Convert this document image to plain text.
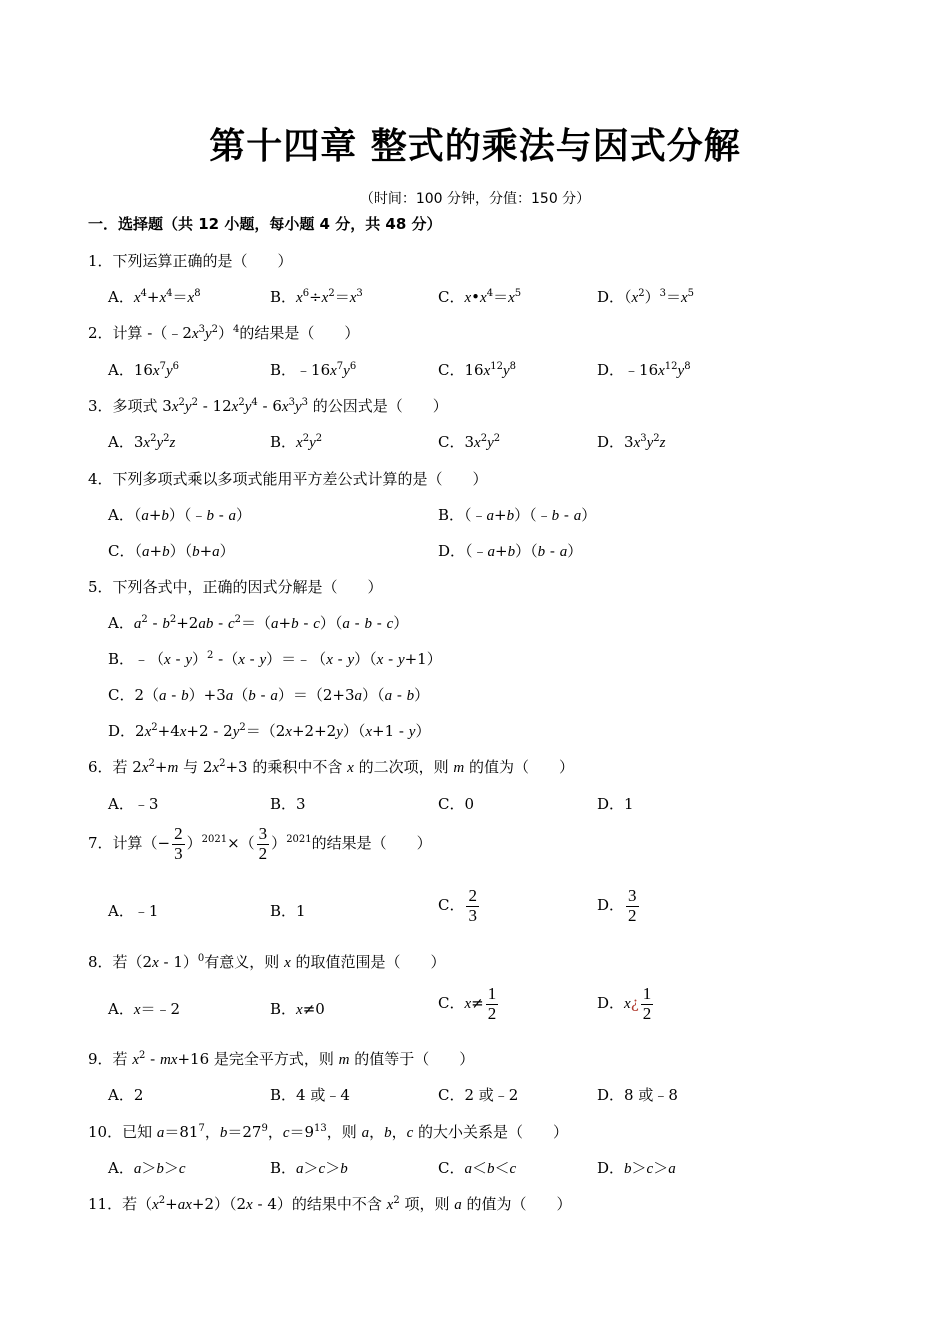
第十四章 整式的乘法与因式分解
（时间：100 分钟，分值：150 分）
一．选择题（共 12 小题，每小题 4 分，共 48 分）
1．下列运算正确的是（　　）
A．$x^4+x^4=x^8$	B．$x^6\div x^2=x^3$	C．$x•x^4=x^5$	D．$(x^2)^3=x^5$
2．计算 $-(﹣2x^3y^2)^4$的结果是（　　）
A．$16x^7y^6$	B．$﹣16x^7y^6$	C．$16x^{12}y^8$	D．$﹣16x^{12}y^8$
3．多项式 $3x^2y^2 - 12x^2y^4 - 6x^3y^3$ 的公因式是（　　）
A．$3x^2y^2z$	B．$x^2y^2$	C．$3x^2y^2$	D．$3x^3y^2z$
4．下列多项式乘以多项式能用平方差公式计算的是（　　）
A．（a+b）（﹣b - a）	B．（﹣a+b）（﹣b - a）
C．（a+b）（b+a）	D．（﹣a+b）（b - a）
5．下列各式中，正确的因式分解是（　　）
A．$a^2 - b^2+2ab - c^2=(a+b - c)(a - b - c)$
B．﹣（x - y）$^2$ -（x - y）＝﹣（x - y）（x - y+1）
C．2（a - b）+3a（b - a）＝（2+3a）（a - b）
D．$2x^2+4x+2 - 2y^2=(2x+2+2y)(x+1 - y)$
6．若 $2x^2+m$ 与 $2x^2+3$ 的乘积中不含 x 的二次项，则 m 的值为（　　）
A．﹣3	B．3	C．0	D．1
7．计算（− $\frac{2}{3} )^{2021}\times( \frac{3}{2} )^{2021}$的结果是（　　）
A．﹣1	B．1	C． $\frac{2}{3}$	D． $\frac{3}{2}$
8．若（2x - 1）$^0$有意义，则 x 的取值范围是（　　）
A．x＝﹣2	B．x≠0	C．$x\ne \frac{1}{2}$	D．x¿ $\frac{1}{2}$
9．若 $x^2 - mx+16$ 是完全平方式，则 m 的值等于（　　）
A．2	B．4 或﹣4	C．2 或﹣2	D．8 或﹣8
10．已知 $a=81^7$，$b=27^9$，$c=9^{13}$，则 a，b，c 的大小关系是（　　）
A．a＞b＞c	B．a＞c＞b	C．a＜b＜c	D．b＞c＞a
11．若$(x^2+ax+2)(2x - 4)$的结果中不含 $x^2$ 项，则 a 的值为（　　）
